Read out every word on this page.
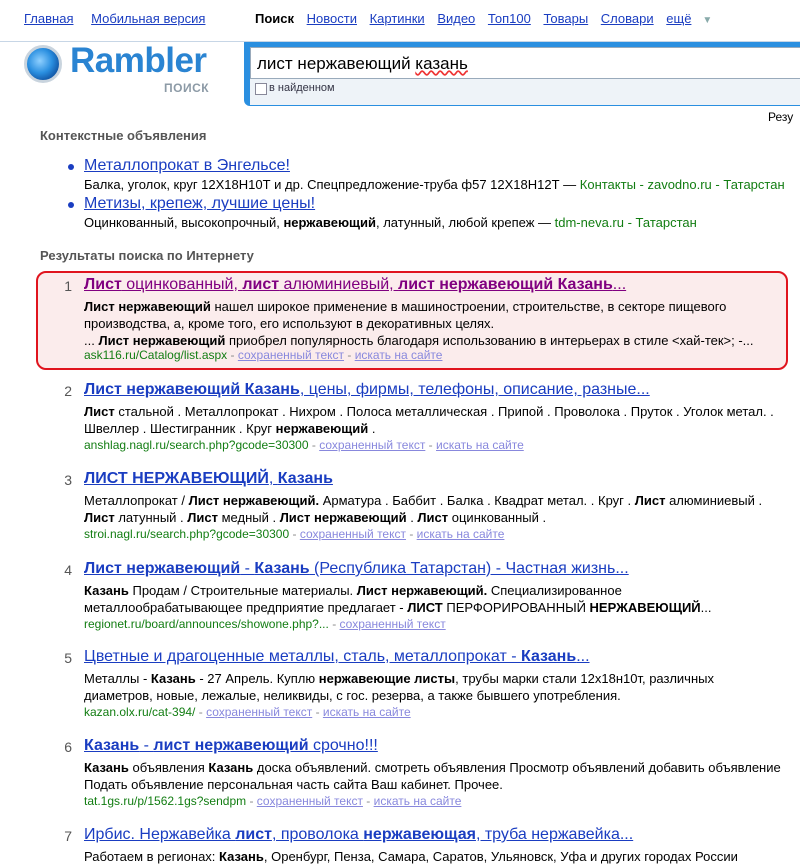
Главная Мобильная версия	Поиск Новости Картинки Видео Топ100 Товары Словари ещё ▼
Rambler
ПОИСК
лист нержавеющий казань
в найденном
Резу
Контекстные объявления
Металлопрокат в Энгельсе!
Балка, уголок, круг 12Х18Н10Т и др. Спецпредложение-труба ф57 12Х18Н12Т — Контакты - zavodno.ru - Татарстан
Метизы, крепеж, лучшие цены!
Оцинкованный, высокопрочный, нержавеющий, латунный, любой крепеж — tdm-neva.ru - Татарстан
Результаты поиска по Интернету
1 Лист оцинкованный, лист алюминиевый, лист нержавеющий Казань...
Лист нержавеющий нашел широкое применение в машиностроении, строительстве, в секторе пищевого производства, а, кроме того, его используют в декоративных целях.
... Лист нержавеющий приобрел популярность благодаря использованию в интерьерах в стиле <хай-тек>; -...
ask116.ru/Catalog/list.aspx - сохраненный текст - искать на сайте
2 Лист нержавеющий Казань, цены, фирмы, телефоны, описание, разные...
Лист стальной . Металлопрокат . Нихром . Полоса металлическая . Припой . Проволока . Пруток . Уголок метал. . Швеллер . Шестигранник . Круг нержавеющий .
anshlag.nagl.ru/search.php?gcode=30300 - сохраненный текст - искать на сайте
3 ЛИСТ НЕРЖАВЕЮЩИЙ, Казань
Металлопрокат / Лист нержавеющий. Арматура . Баббит . Балка . Квадрат метал. . Круг . Лист алюминиевый . Лист латунный . Лист медный . Лист нержавеющий . Лист оцинкованный .
stroi.nagl.ru/search.php?gcode=30300 - сохраненный текст - искать на сайте
4 Лист нержавеющий - Казань (Республика Татарстан) - Частная жизнь...
Казань Продам / Строительные материалы. Лист нержавеющий. Специализированное металлообрабатывающее предприятие предлагает - ЛИСТ ПЕРФОРИРОВАННЫЙ НЕРЖАВЕЮЩИЙ...
regionet.ru/board/announces/showone.php?... - сохраненный текст
5 Цветные и драгоценные металлы, сталь, металлопрокат - Казань...
Металлы - Казань - 27 Апрель. Куплю нержавеющие листы, трубы марки стали 12х18н10т, различных диаметров, новые, лежалые, неликвиды, с гос. резерва, а также бывшего употребления.
kazan.olx.ru/cat-394/ - сохраненный текст - искать на сайте
6 Казань - лист нержавеющий срочно!!!
Казань объявления Казань доска объявлений. смотреть объявления Просмотр объявлений добавить объявление Подать объявление персональная часть сайта Ваш кабинет. Прочее.
tat.1gs.ru/p/1562.1gs?sendpm - сохраненный текст - искать на сайте
7 Ирбис. Нержавейка лист, проволока нержавеющая, труба нержавейка...
Работаем в регионах: Казань, Оренбург, Пенза, Самара, Саратов, Ульяновск, Уфа и других городах России
